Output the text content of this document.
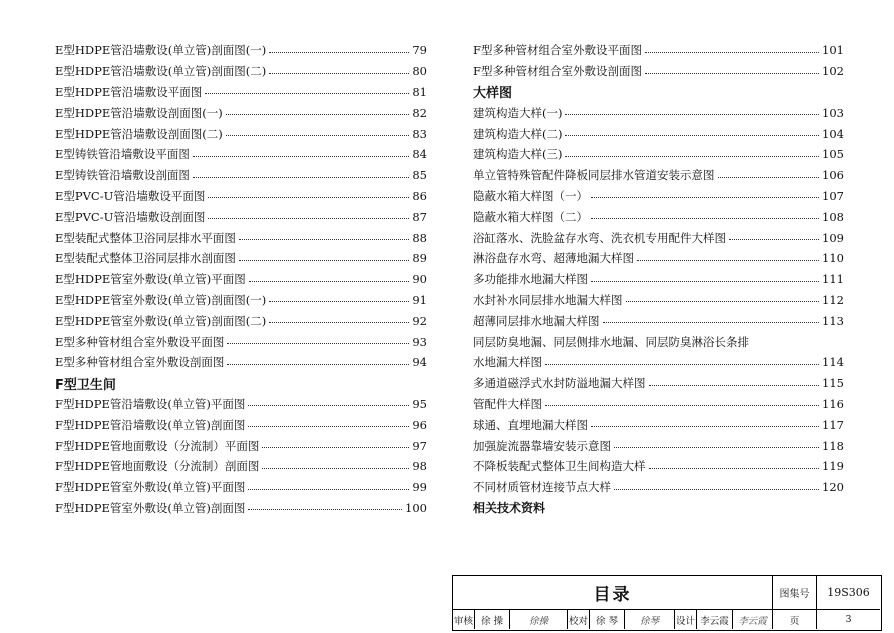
E型HDPE管沿墙敷设(单立管)剖面图(一)	79
E型HDPE管沿墙敷设(单立管)剖面图(二)	80
E型HDPE管沿墙敷设平面图	81
E型HDPE管沿墙敷设剖面图(一)	82
E型HDPE管沿墙敷设剖面图(二)	83
E型铸铁管沿墙敷设平面图	84
E型铸铁管沿墙敷设剖面图	85
E型PVC-U管沿墙敷设平面图	86
E型PVC-U管沿墙敷设剖面图	87
E型装配式整体卫浴同层排水平面图	88
E型装配式整体卫浴同层排水剖面图	89
E型HDPE管室外敷设(单立管)平面图	90
E型HDPE管室外敷设(单立管)剖面图(一)	91
E型HDPE管室外敷设(单立管)剖面图(二)	92
E型多种管材组合室外敷设平面图	93
E型多种管材组合室外敷设剖面图	94
F型卫生间
F型HDPE管沿墙敷设(单立管)平面图	95
F型HDPE管沿墙敷设(单立管)剖面图	96
F型HDPE管地面敷设（分流制）平面图	97
F型HDPE管地面敷设（分流制）剖面图	98
F型HDPE管室外敷设(单立管)平面图	99
F型HDPE管室外敷设(单立管)剖面图	100
F型多种管材组合室外敷设平面图	101
F型多种管材组合室外敷设剖面图	102
大样图
建筑构造大样(一)	103
建筑构造大样(二)	104
建筑构造大样(三)	105
单立管特殊管配件降板同层排水管道安装示意图	106
隐蔽水箱大样图（一）	107
隐蔽水箱大样图（二）	108
浴缸落水、洗脸盆存水弯、洗衣机专用配件大样图	109
淋浴盘存水弯、超薄地漏大样图	110
多功能排水地漏大样图	111
水封补水同层排水地漏大样图	112
超薄同层排水地漏大样图	113
同层防臭地漏、同层侧排水地漏、同层防臭淋浴长条排
水地漏大样图	114
多通道磁浮式水封防溢地漏大样图	115
管配件大样图	116
球通、直埋地漏大样图	117
加强旋流器靠墙安装示意图	118
不降板装配式整体卫生间构造大样	119
不同材质管材连接节点大样	120
相关技术资料
目录	图集号	19S306
审核 徐 操	徐操	校对 徐 琴	徐琴	设计 李云霞 李云霞	页	3
